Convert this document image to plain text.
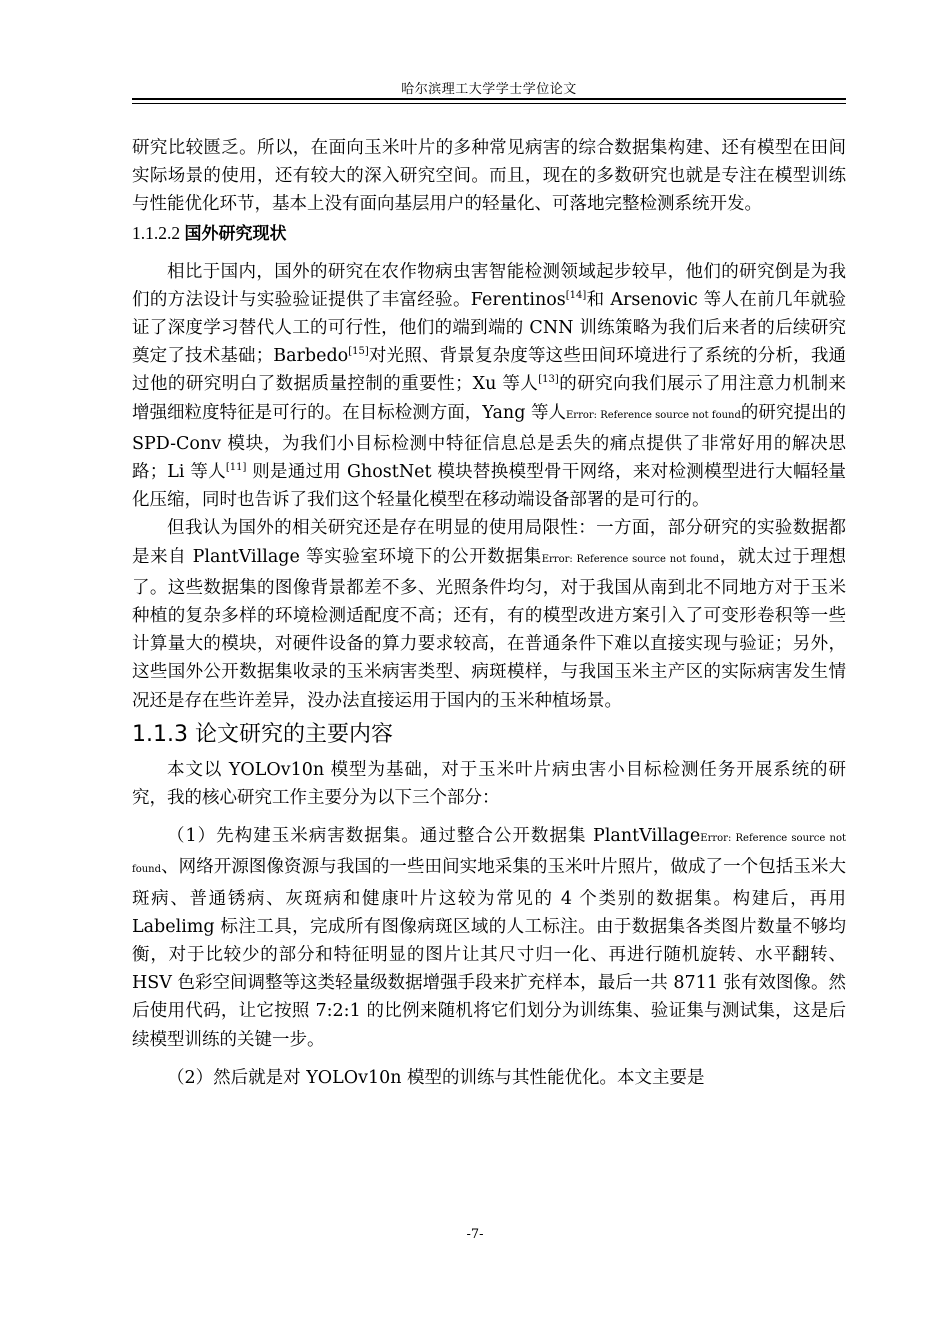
哈尔滨理工大学学士学位论文

研究比较匮乏。所以，在面向玉米叶片的多种常见病害的综合数据集构建、还有模型在田间实际场景的使用，还有较大的深入研究空间。而且，现在的多数研究也就是专注在模型训练与性能优化环节，基本上没有面向基层用户的轻量化、可落地完整检测系统开发。

1.1.2.2 国外研究现状

相比于国内，国外的研究在农作物病虫害智能检测领域起步较早，他们的研究倒是为我们的方法设计与实验验证提供了丰富经验。Ferentinos[14]和 Arsenovic 等人在前几年就验证了深度学习替代人工的可行性，他们的端到端的 CNN 训练策略为我们后来者的后续研究奠定了技术基础；Barbedo[15]对光照、背景复杂度等这些田间环境进行了系统的分析，我通过他的研究明白了数据质量控制的重要性；Xu 等人[13]的研究向我们展示了用注意力机制来增强细粒度特征是可行的。在目标检测方面，Yang 等人Error: Reference source not found的研究提出的 SPD-Conv 模块，为我们小目标检测中特征信息总是丢失的痛点提供了非常好用的解决思路；Li 等人[11] 则是通过用 GhostNet 模块替换模型骨干网络，来对检测模型进行大幅轻量化压缩，同时也告诉了我们这个轻量化模型在移动端设备部署的是可行的。

但我认为国外的相关研究还是存在明显的使用局限性：一方面，部分研究的实验数据都是来自 PlantVillage 等实验室环境下的公开数据集Error: Reference source not found，就太过于理想了。这些数据集的图像背景都差不多、光照条件均匀，对于我国从南到北不同地方对于玉米种植的复杂多样的环境检测适配度不高；还有，有的模型改进方案引入了可变形卷积等一些计算量大的模块，对硬件设备的算力要求较高，在普通条件下难以直接实现与验证；另外，这些国外公开数据集收录的玉米病害类型、病斑模样，与我国玉米主产区的实际病害发生情况还是存在些许差异，没办法直接运用于国内的玉米种植场景。

1.1.3 论文研究的主要内容

本文以 YOLOv10n 模型为基础，对于玉米叶片病虫害小目标检测任务开展系统的研究，我的核心研究工作主要分为以下三个部分：

（1）先构建玉米病害数据集。通过整合公开数据集 PlantVillageError: Reference source not found、网络开源图像资源与我国的一些田间实地采集的玉米叶片照片，做成了一个包括玉米大斑病、普通锈病、灰斑病和健康叶片这较为常见的 4 个类别的数据集。构建后，再用 Labelimg 标注工具，完成所有图像病斑区域的人工标注。由于数据集各类图片数量不够均衡，对于比较少的部分和特征明显的图片让其尺寸归一化、再进行随机旋转、水平翻转、HSV 色彩空间调整等这类轻量级数据增强手段来扩充样本，最后一共 8711 张有效图像。然后使用代码，让它按照 7:2:1 的比例来随机将它们划分为训练集、验证集与测试集，这是后续模型训练的关键一步。

（2）然后就是对 YOLOv10n 模型的训练与其性能优化。本文主要是

-7-
